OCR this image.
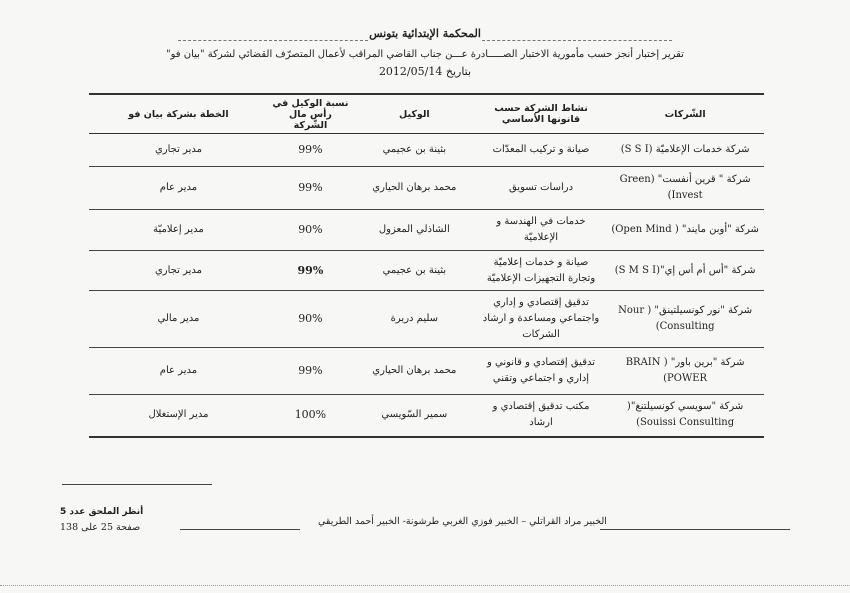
المحكمة الإبتدائية بتونس
تقرير إختبار أنجز حسب مأمورية الاختبار الصـــــادرة عـــن جناب القاضي المراقب لأعمال المتصرّف القضائي لشركة "بيان فو"
بتاريخ 2012/05/14
الشّركات	نشاط الشركة حسب قانونها الأساسي	الوكيل	نسبة الوكيل في رأس مال الشّركة	الخطة بشركة بيان فو
شركة خدمات الإعلاميّة (S S I)	صيانة و تركيب المعدّات	بثينة بن عجيمي	99%	مدير تجاري
شركة " قرين أنفست" (Green Invest)	دراسات تسويق	محمد برهان الحياري	99%	مدير عام
شركة "أوبن مايند" ( Open Mind)	خدمات في الهندسة و الإعلاميّة	الشاذلي المعزول	90%	مدير إعلاميّة
شركة "أس أم أس إي"(S M S I)	صيانة و خدمات إعلاميّة وتجارة التجهيزات الإعلاميّة	بثينة بن عجيمي	99%	مدير تجاري
شركة "نور كونسيلتينق" ( Nour Consulting)	تدقيق إقتصادي و إداري واجتماعي ومساعدة و ارشاد الشركات	سليم دريرة	90%	مدير مالي
شركة "برين باور" ( BRAIN POWER)	تدقيق إقتصادي و قانوني و إداري و اجتماعي وتقني	محمد برهان الحياري	99%	مدير عام
شركة "سويسي كونسيلتنغ"( Souissi Consulting)	مكتب تدقيق إقتصادي و ارشاد	سمير السّويسي	100%	مدير الإستغلال
أنظر الملحق عدد 5
صفحة 25 على 138
الخبير مراد القراتلي – الخبير فوزي الغربي طرشونة- الخبير أحمد الطريقي
